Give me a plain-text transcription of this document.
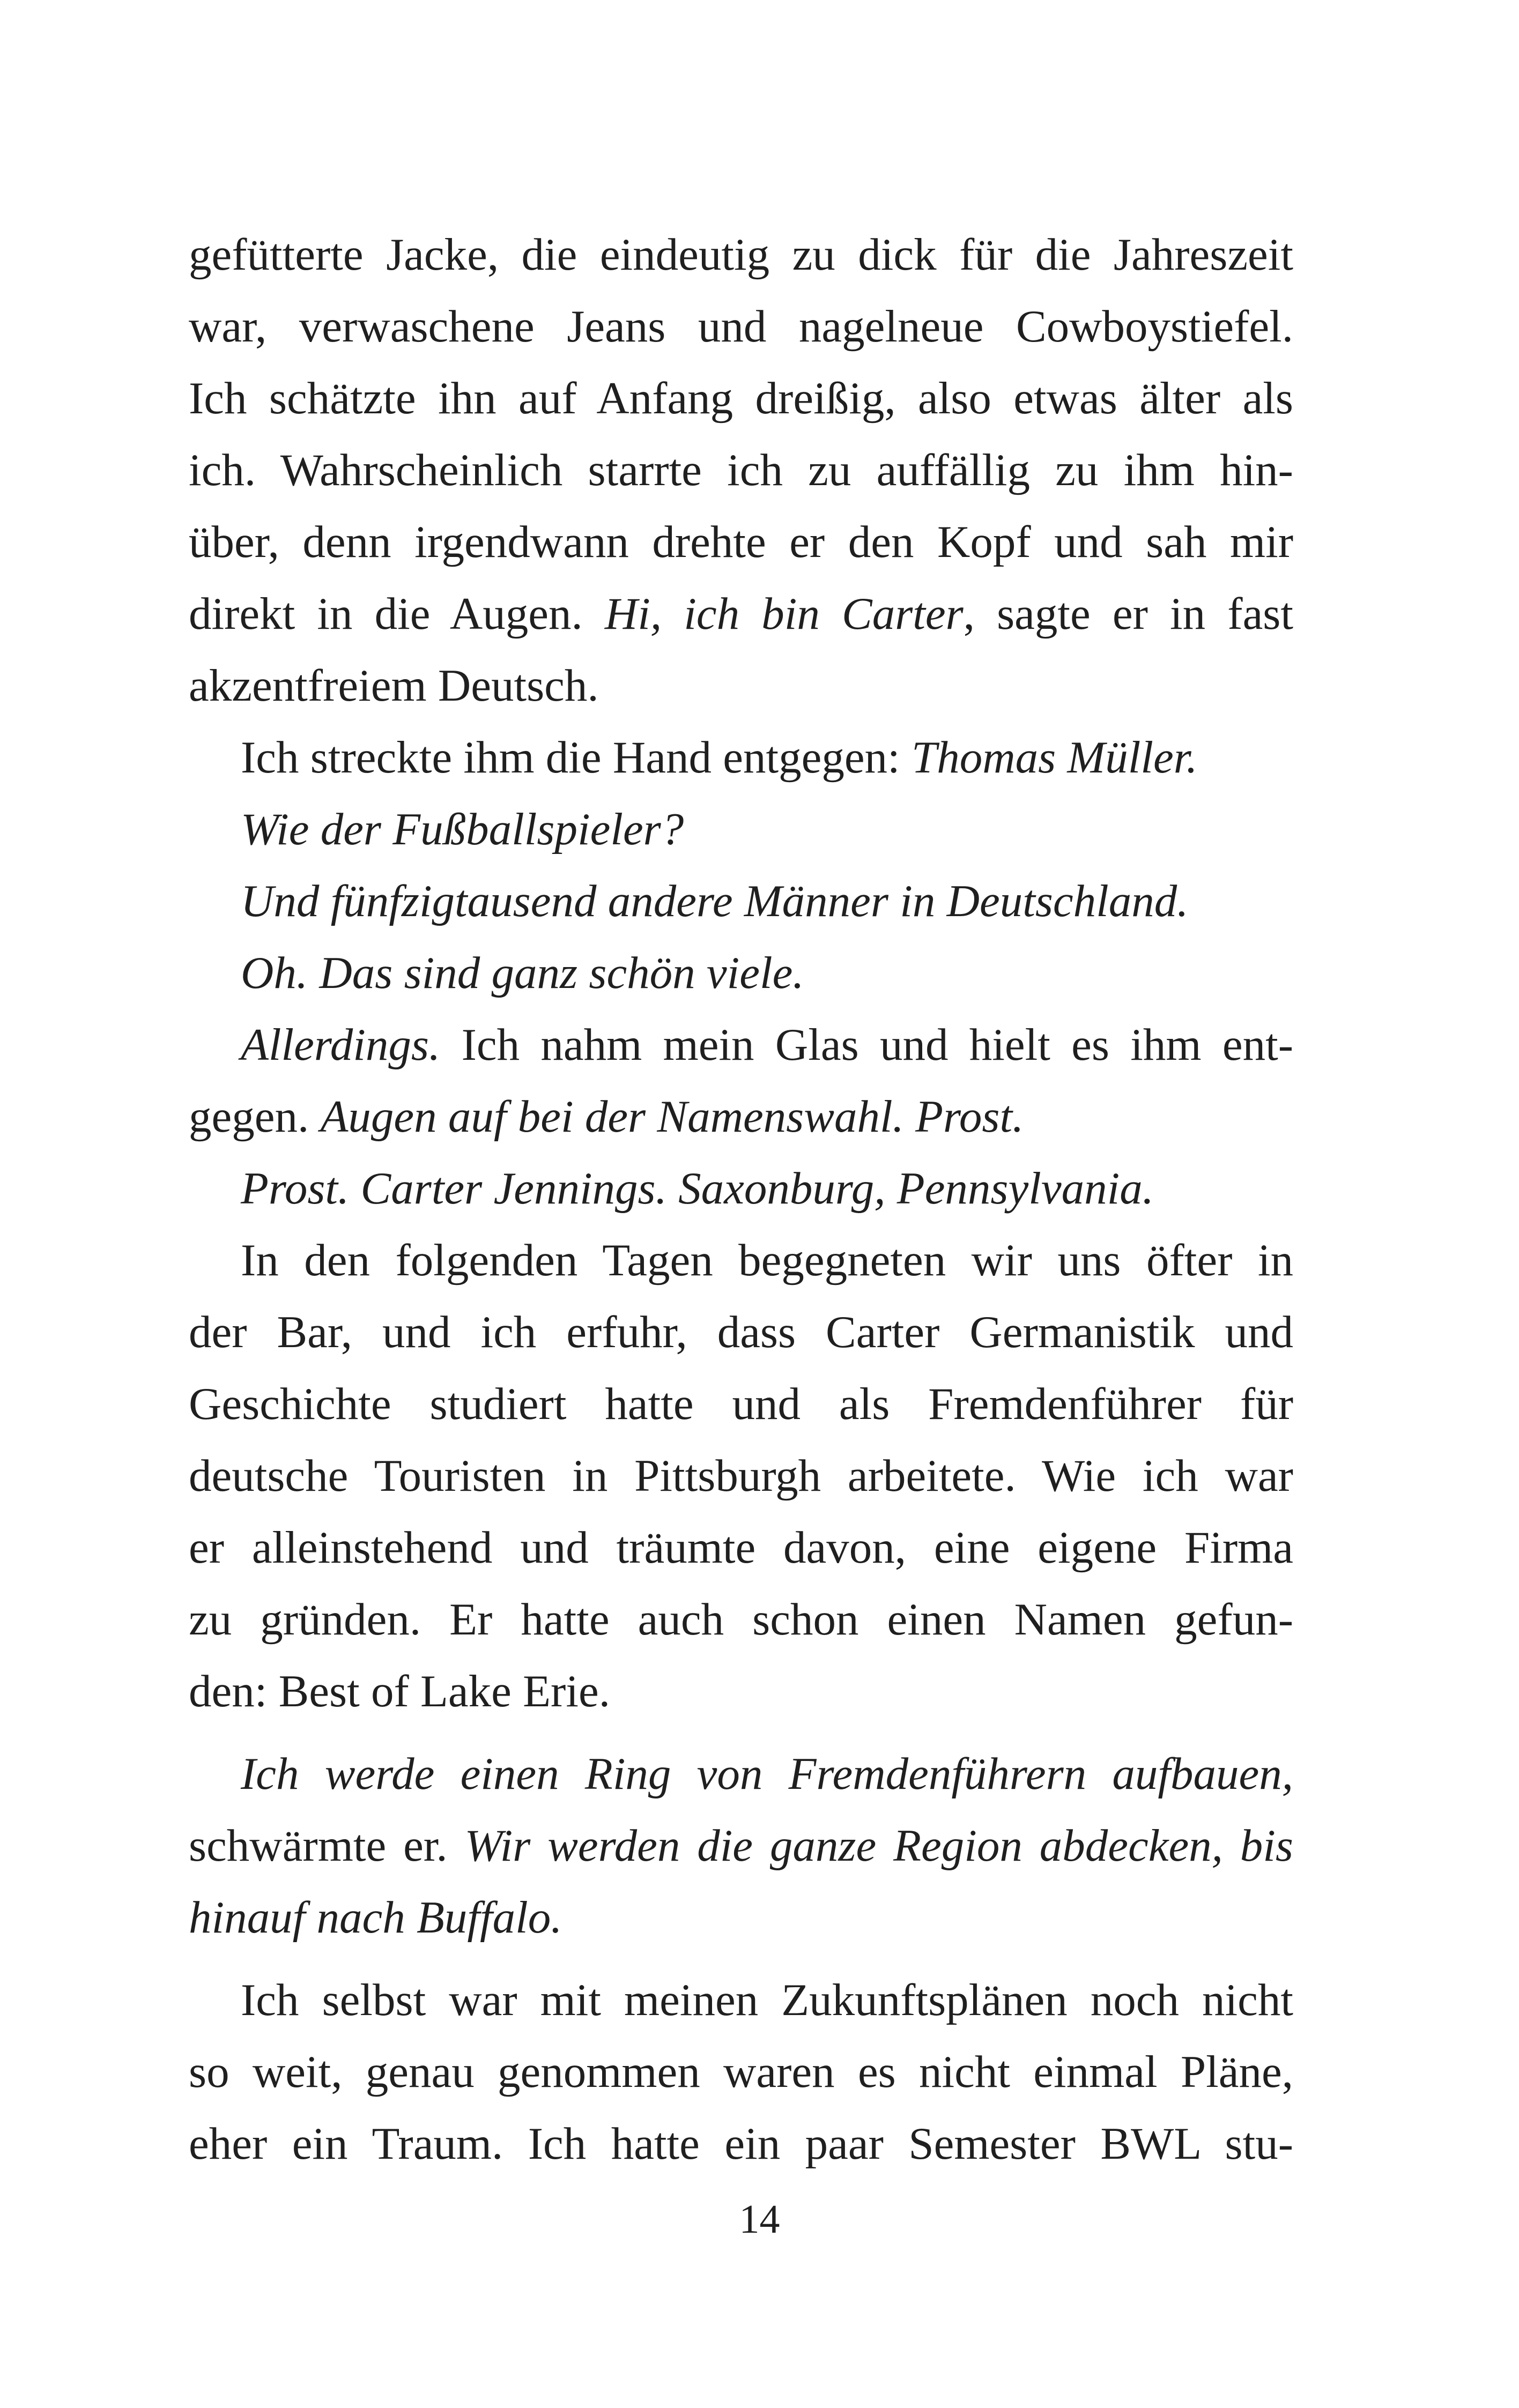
gefütterte Jacke, die eindeutig zu dick für die Jahreszeit
war, verwaschene Jeans und nagelneue Cowboystiefel.
Ich schätzte ihn auf Anfang dreißig, also etwas älter als
ich. Wahrscheinlich starrte ich zu auffällig zu ihm hin-
über, denn irgendwann drehte er den Kopf und sah mir
direkt in die Augen. Hi, ich bin Carter, sagte er in fast
akzentfreiem Deutsch.
Ich streckte ihm die Hand entgegen: Thomas Müller.
Wie der Fußballspieler?
Und fünfzigtausend andere Männer in Deutschland.
Oh. Das sind ganz schön viele.
Allerdings. Ich nahm mein Glas und hielt es ihm ent-
gegen. Augen auf bei der Namenswahl. Prost.
Prost. Carter Jennings. Saxonburg, Pennsylvania.
In den folgenden Tagen begegneten wir uns öfter in
der Bar, und ich erfuhr, dass Carter Germanistik und
Geschichte studiert hatte und als Fremdenführer für
deutsche Touristen in Pittsburgh arbeitete. Wie ich war
er alleinstehend und träumte davon, eine eigene Firma
zu gründen. Er hatte auch schon einen Namen gefun-
den: Best of Lake Erie.
Ich werde einen Ring von Fremdenführern aufbauen,
schwärmte er. Wir werden die ganze Region abdecken, bis
hinauf nach Buffalo.
Ich selbst war mit meinen Zukunftsplänen noch nicht
so weit, genau genommen waren es nicht einmal Pläne,
eher ein Traum. Ich hatte ein paar Semester BWL stu-
14
